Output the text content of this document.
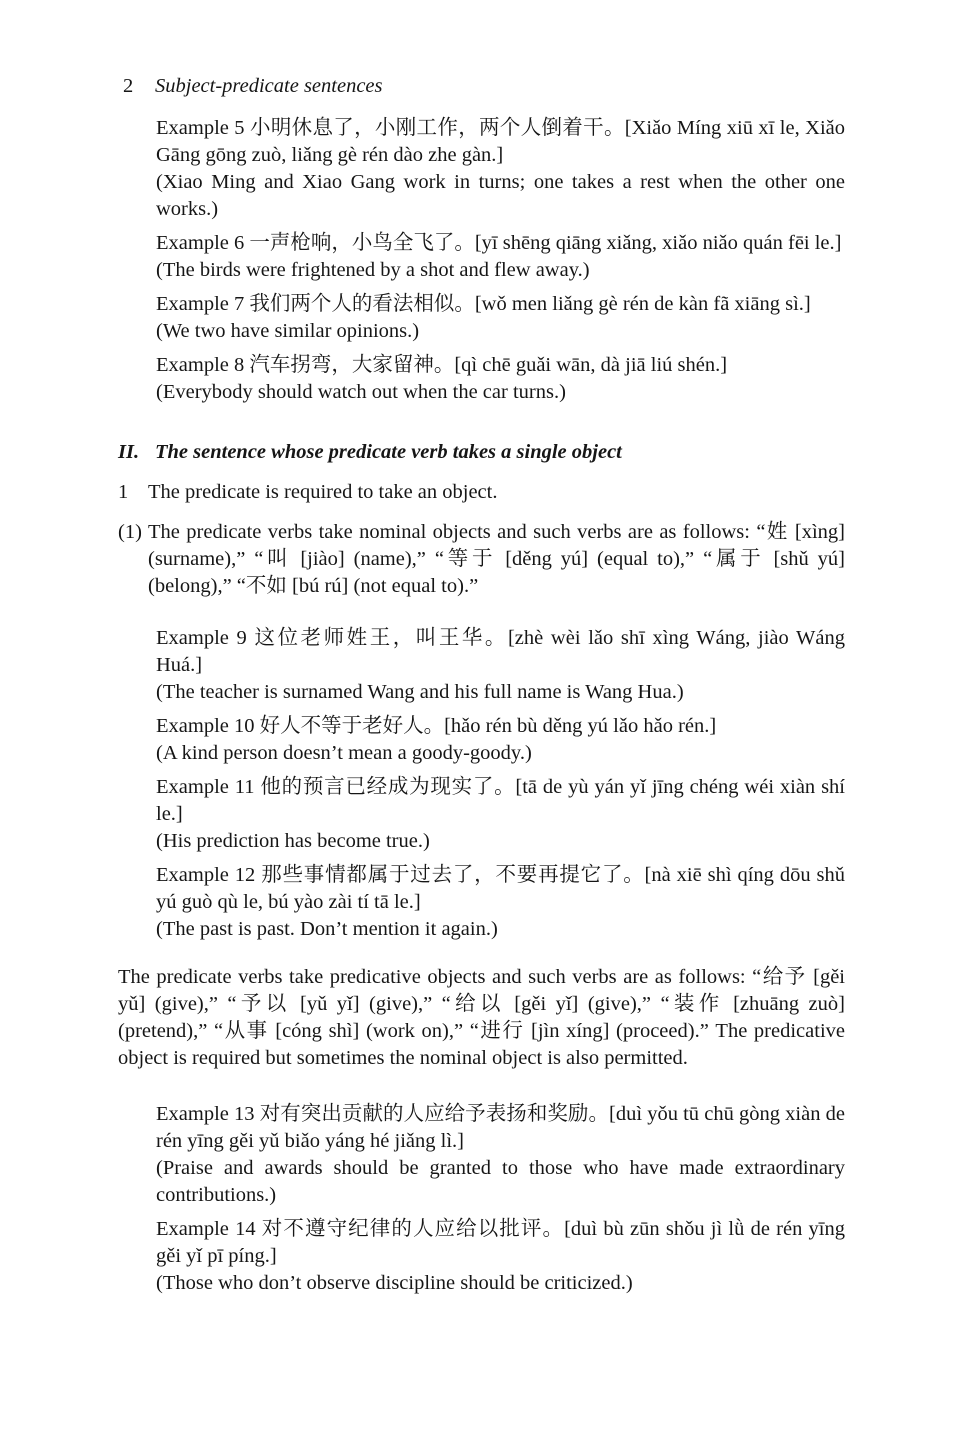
2 Subject-predicate sentences

Example 5 小明休息了，小刚工作，两个人倒着干。[Xiǎo Míng xiū xī le, Xiǎo Gāng gōng zuò, liǎng gè rén dào zhe gàn.]

(Xiao Ming and Xiao Gang work in turns; one takes a rest when the other one works.)

Example 6 一声枪响，小鸟全飞了。[yī shēng qiāng xiǎng, xiǎo niǎo quán fēi le.]

(The birds were frightened by a shot and flew away.)

Example 7 我们两个人的看法相似。[wǒ men liǎng gè rén de kàn fã xiāng sì.]

(We two have similar opinions.)

Example 8 汽车拐弯，大家留神。[qì chē guǎi wān, dà jiā liú shén.]

(Everybody should watch out when the car turns.)

II. The sentence whose predicate verb takes a single object
1 The predicate is required to take an object.

(1) The predicate verbs take nominal objects and such verbs are as follows: “姓 [xìng] (surname),” “叫 [jiào] (name),” “等于 [děng yú] (equal to),” “属于 [shǔ yú] (belong),” “不如 [bú rú] (not equal to).”

Example 9 这位老师姓王，叫王华。[zhè wèi lǎo shī xìng Wáng, jiào Wáng Huá.]

(The teacher is surnamed Wang and his full name is Wang Hua.)

Example 10 好人不等于老好人。[hǎo rén bù děng yú lǎo hǎo rén.]

(A kind person doesn’t mean a goody-goody.)

Example 11 他的预言已经成为现实了。[tā de yù yán yǐ jīng chéng wéi xiàn shí le.]

(His prediction has become true.)

Example 12 那些事情都属于过去了，不要再提它了。[nà xiē shì qíng dōu shǔ yú guò qù le, bú yào zài tí tā le.]

(The past is past. Don’t mention it again.)

The predicate verbs take predicative objects and such verbs are as follows: “给予 [gěi yǔ] (give),” “予以 [yǔ yǐ] (give),” “给以 [gěi yǐ] (give),” “装作 [zhuāng zuò] (pretend),” “从事 [cóng shì] (work on),” “进行 [jìn xíng] (proceed).” The predicative object is required but sometimes the nominal object is also permitted.

Example 13 对有突出贡献的人应给予表扬和奖励。[duì yǒu tū chū gòng xiàn de rén yīng gěi yǔ biǎo yáng hé jiǎng lì.]

(Praise and awards should be granted to those who have made extraordinary contributions.)

Example 14 对不遵守纪律的人应给以批评。[duì bù zūn shǒu jì lǜ de rén yīng gěi yǐ pī píng.]

(Those who don’t observe discipline should be criticized.)
